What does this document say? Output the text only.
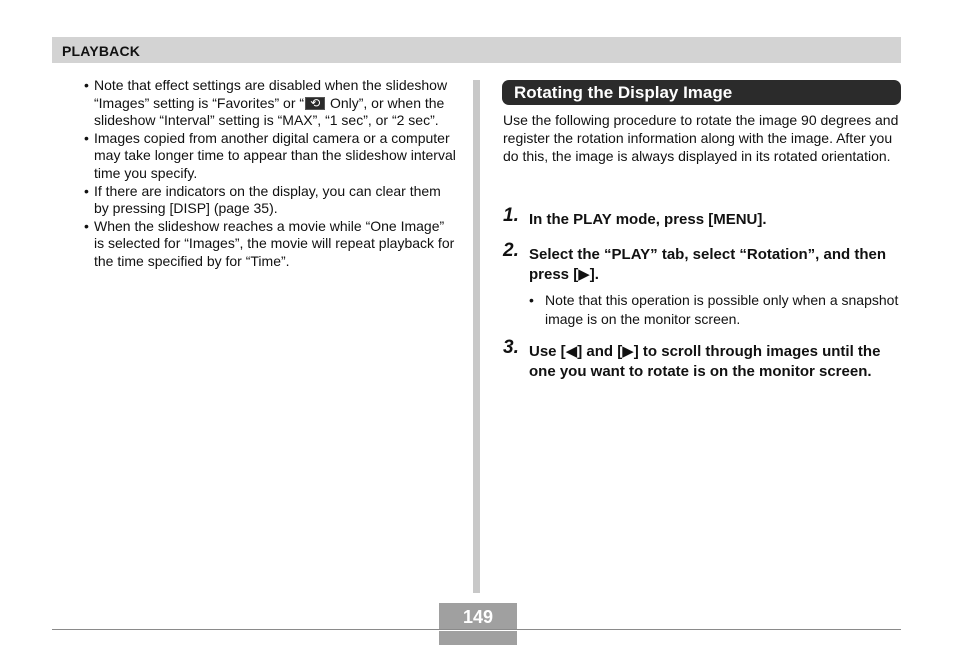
PLAYBACK

• Note that effect settings are disabled when the slideshow “Images” setting is “Favorites” or “⟲ Only”, or when the slideshow “Interval” setting is “MAX”, “1 sec”, or “2 sec”.

• Images copied from another digital camera or a computer may take longer time to appear than the slideshow interval time you specify.

• If there are indicators on the display, you can clear them by pressing [DISP] (page 35).

• When the slideshow reaches a movie while “One Image” is selected for “Images”, the movie will repeat playback for the time specified by for “Time”.

Rotating the Display Image
Use the following procedure to rotate the image 90 degrees and register the rotation information along with the image. After you do this, the image is always displayed in its rotated orientation.
1. In the PLAY mode, press [MENU].
2. Select the “PLAY” tab, select “Rotation”, and then press [▶].

• Note that this operation is possible only when a snapshot image is on the monitor screen.

3. Use [◀] and [▶] to scroll through images until the one you want to rotate is on the monitor screen.
149
